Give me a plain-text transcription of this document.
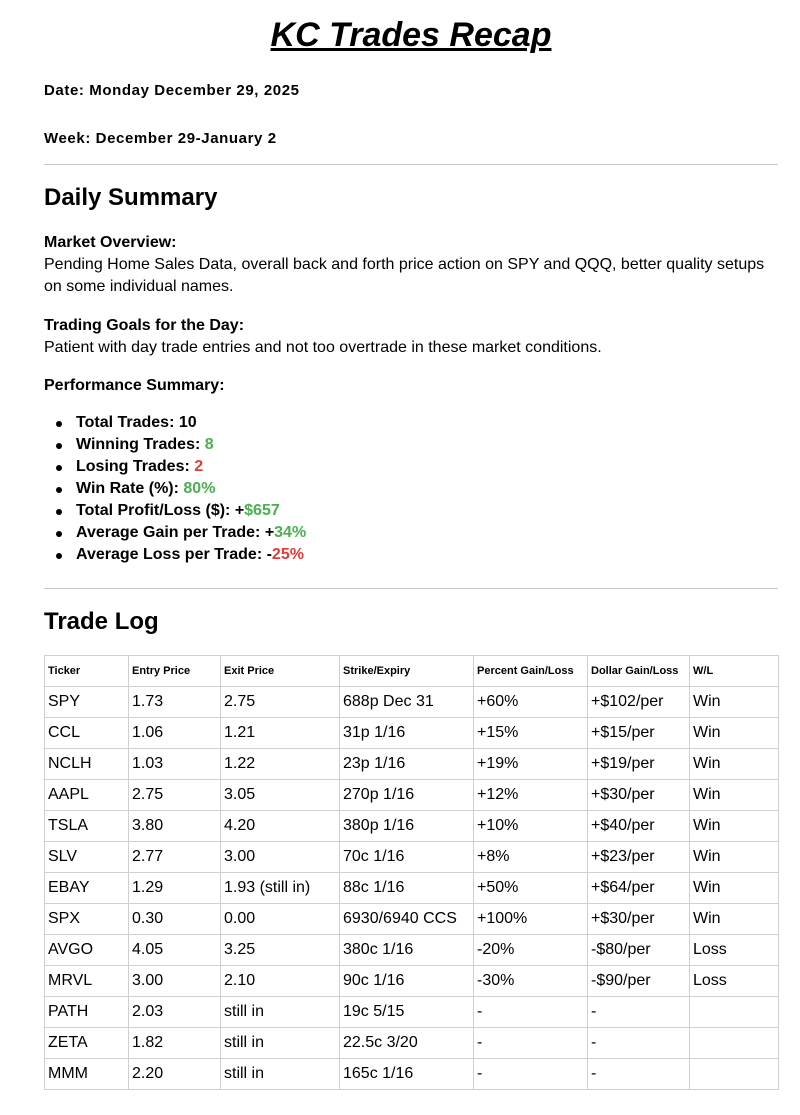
KC Trades Recap

Date: Monday December 29, 2025

Week: December 29-January 2

Daily Summary
Market Overview:
Pending Home Sales Data, overall back and forth price action on SPY and QQQ, better quality setups on some individual names.
Trading Goals for the Day:
Patient with day trade entries and not too overtrade in these market conditions.
Performance Summary:
Total Trades: 10
Winning Trades: 8
Losing Trades: 2
Win Rate (%): 80%
Total Profit/Loss ($): +$657
Average Gain per Trade: +34%
Average Loss per Trade: -25%
Trade Log
Ticker	Entry Price	Exit Price	Strike/Expiry	Percent Gain/Loss	Dollar Gain/Loss	W/L
SPY	1.73	2.75	688p Dec 31	+60%	+$102/per	Win
CCL	1.06	1.21	31p 1/16	+15%	+$15/per	Win
NCLH	1.03	1.22	23p 1/16	+19%	+$19/per	Win
AAPL	2.75	3.05	270p 1/16	+12%	+$30/per	Win
TSLA	3.80	4.20	380p 1/16	+10%	+$40/per	Win
SLV	2.77	3.00	70c 1/16	+8%	+$23/per	Win
EBAY	1.29	1.93 (still in)	88c 1/16	+50%	+$64/per	Win
SPX	0.30	0.00	6930/6940 CCS	+100%	+$30/per	Win
AVGO	4.05	3.25	380c 1/16	-20%	-$80/per	Loss
MRVL	3.00	2.10	90c 1/16	-30%	-$90/per	Loss
PATH	2.03	still in	19c 5/15	-	-	
ZETA	1.82	still in	22.5c 3/20	-	-	
MMM	2.20	still in	165c 1/16	-	-	
